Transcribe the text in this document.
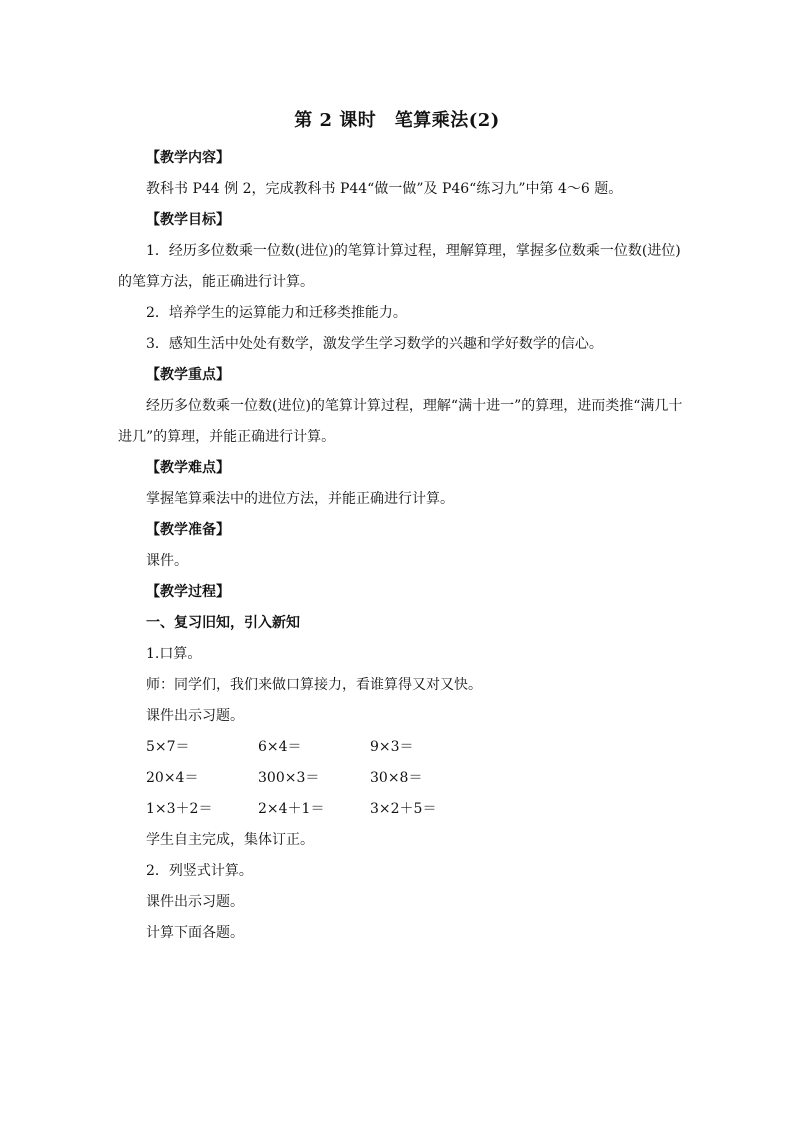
第 2 课时　笔算乘法(2)

【教学内容】

教科书 P44 例 2，完成教科书 P44“做一做”及 P46“练习九”中第 4～6 题。

【教学目标】

1．经历多位数乘一位数(进位)的笔算计算过程，理解算理，掌握多位数乘一位数(进位)的笔算方法，能正确进行计算。

2．培养学生的运算能力和迁移类推能力。

3．感知生活中处处有数学，激发学生学习数学的兴趣和学好数学的信心。

【教学重点】

经历多位数乘一位数(进位)的笔算计算过程，理解“满十进一”的算理，进而类推“满几十进几”的算理，并能正确进行计算。

【教学难点】

掌握笔算乘法中的进位方法，并能正确进行计算。

【教学准备】

课件。

【教学过程】

一、复习旧知，引入新知

1.口算。

师：同学们，我们来做口算接力，看谁算得又对又快。

课件出示习题。

5×7＝	6×4＝	9×3＝
20×4＝	300×3＝	30×8＝
1×3＋2＝	2×4＋1＝	3×2＋5＝

学生自主完成，集体订正。

2．列竖式计算。

课件出示习题。

计算下面各题。
